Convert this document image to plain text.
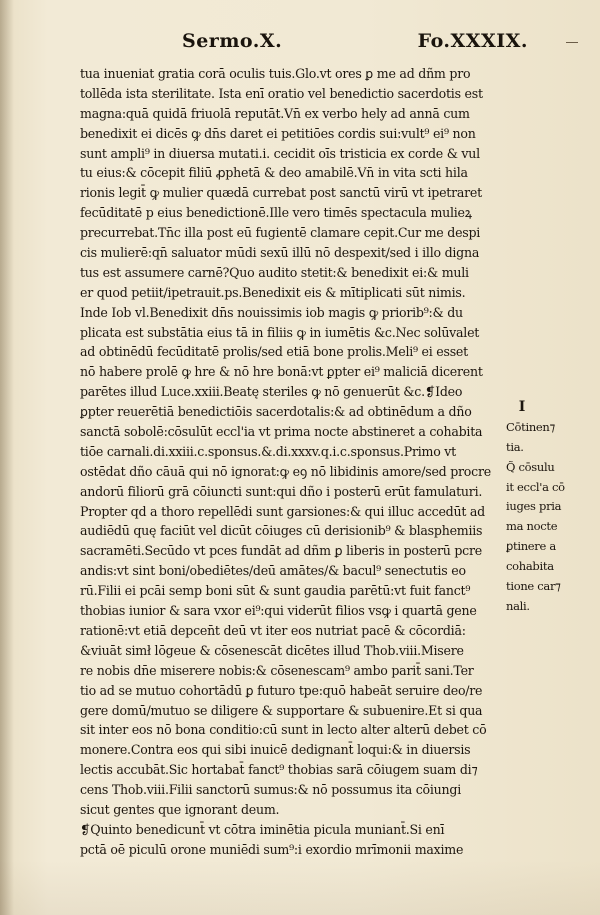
Sermo.X.	Fo.XXXIX.
tua inueniat gratia corā oculis tuis.Glo.vt ores ꝑ me ad dñm pro
tollēda ista sterilitate. Ista enī oratio vel benedictio sacerdotis est
magna:quā quidā friuolā reputāt.Vn̄ ex verbo hely ad annā cum
benedixit ei dicēs ꝙ dn̄s daret ei petitiōes cordis sui:vult⁹ ei⁹ non
sunt ampli⁹ in diuersa mutati.i. cecidit oīs tristicia ex corde & vul
tu eius:& cōcepit filiū ꝓphetā & deo amabilē.Vn̄ in vita scti hila
rionis legit̄ ꝙ mulier quædā currebat post sanctū virū vt ipetraret
fecūditatē p eius benedictionē.Ille vero timēs spectacula mulieꝝ
precurrebat.Tn̄c illa post eū fugientē clamare cepit.Cur me despi
cis mulierē:qn̄ saluator mūdi sexū illū nō despexit/sed i illo digna
tus est assumere carnē?Quo audito stetit:& benedixit ei:& muli
er quod petiit/ipetrauit.ps.Benedixit eis & mītiplicati sūt nimis.
Inde Iob vl.Benedixit dn̄s nouissimis iob magis ꝙ priorib⁹:& du
plicata est substātia eius tā in filiis ꝙ in iumētis &c.Nec solūvalet
ad obtinēdū fecūditatē prolis/sed etiā bone prolis.Meli⁹ ei esset
nō habere prolē ꝙ hre & nō hre bonā:vt ꝑpter ei⁹ maliciā dicerent
parētes illud Luce.xxiii.Beatę steriles ꝙ nō genuerūt &c.❡Ideo
ꝑpter reuerētiā benedictiōis sacerdotalis:& ad obtinēdum a dño
sanctā sobolē:cōsulūt eccl'ia vt prima nocte abstineret a cohabita
tiōe carnali.di.xxiii.c.sponsus.&.di.xxxv.q.i.c.sponsus.Primo vt
ostēdat dño cāuā qui nō ignorat:ꝙ eꝯ nō libidinis amore/sed procre
andorū filiorū grā cōiuncti sunt:qui dño i posterū erūt famulaturi.
Propter qd a thoro repellēdi sunt garsiones:& qui illuc accedūt ad
audiēdū quę faciūt vel dicūt cōiuges cū derisionib⁹ & blasphemiis
sacramēti.Secūdo vt pces fundāt ad dñm ꝑ liberis in posterū pcre
andis:vt sint boni/obediētes/deū amātes/& bacul⁹ senectutis eo
rū.Filii ei pcāi semp boni sūt & sunt gaudia parētū:vt fuit fanct⁹
thobias iunior & sara vxor ei⁹:qui viderūt filios vsꝙ i quartā gene
rationē:vt etiā depcen̄t deū vt iter eos nutriat pacē & cōcordiā:
&viuāt simł lōgeue & cōsenescāt dicētes illud Thob.viii.Misere
re nobis dn̄e miserere nobis:& cōsenescam⁹ ambo parit̄ sani.Ter
tio ad se mutuo cohortādū ꝑ futuro tpe:quō habeāt seruire deo/re
gere domū/mutuo se diligere & supportare & subuenire.Et si qua
sit inter eos nō bona conditio:cū sunt in lecto alter alterū debet cō
monere.Contra eos qui sibi inuicē dedignant̄ loqui:& in diuersis
lectis accubāt.Sic hortabat̄ fanct⁹ thobias sarā cōiugem suam di⁊
cens Thob.viii.Filii sanctorū sumus:& nō possumus ita cōiungi
sicut gentes que ignorant deum.
❡Quinto benedicunt̄ vt cōtra iminētia picula muniant̄.Si enī
pctā oē piculū orone muniēdi sum⁹:i exordio mrīmonii maxime
I
Cōtinen⁊
tia.
Q̃ cōsulu
it eccl'a cō
iuges pria
ma nocte
ꝑtinere a
cohabita
tione car⁊
nali.
